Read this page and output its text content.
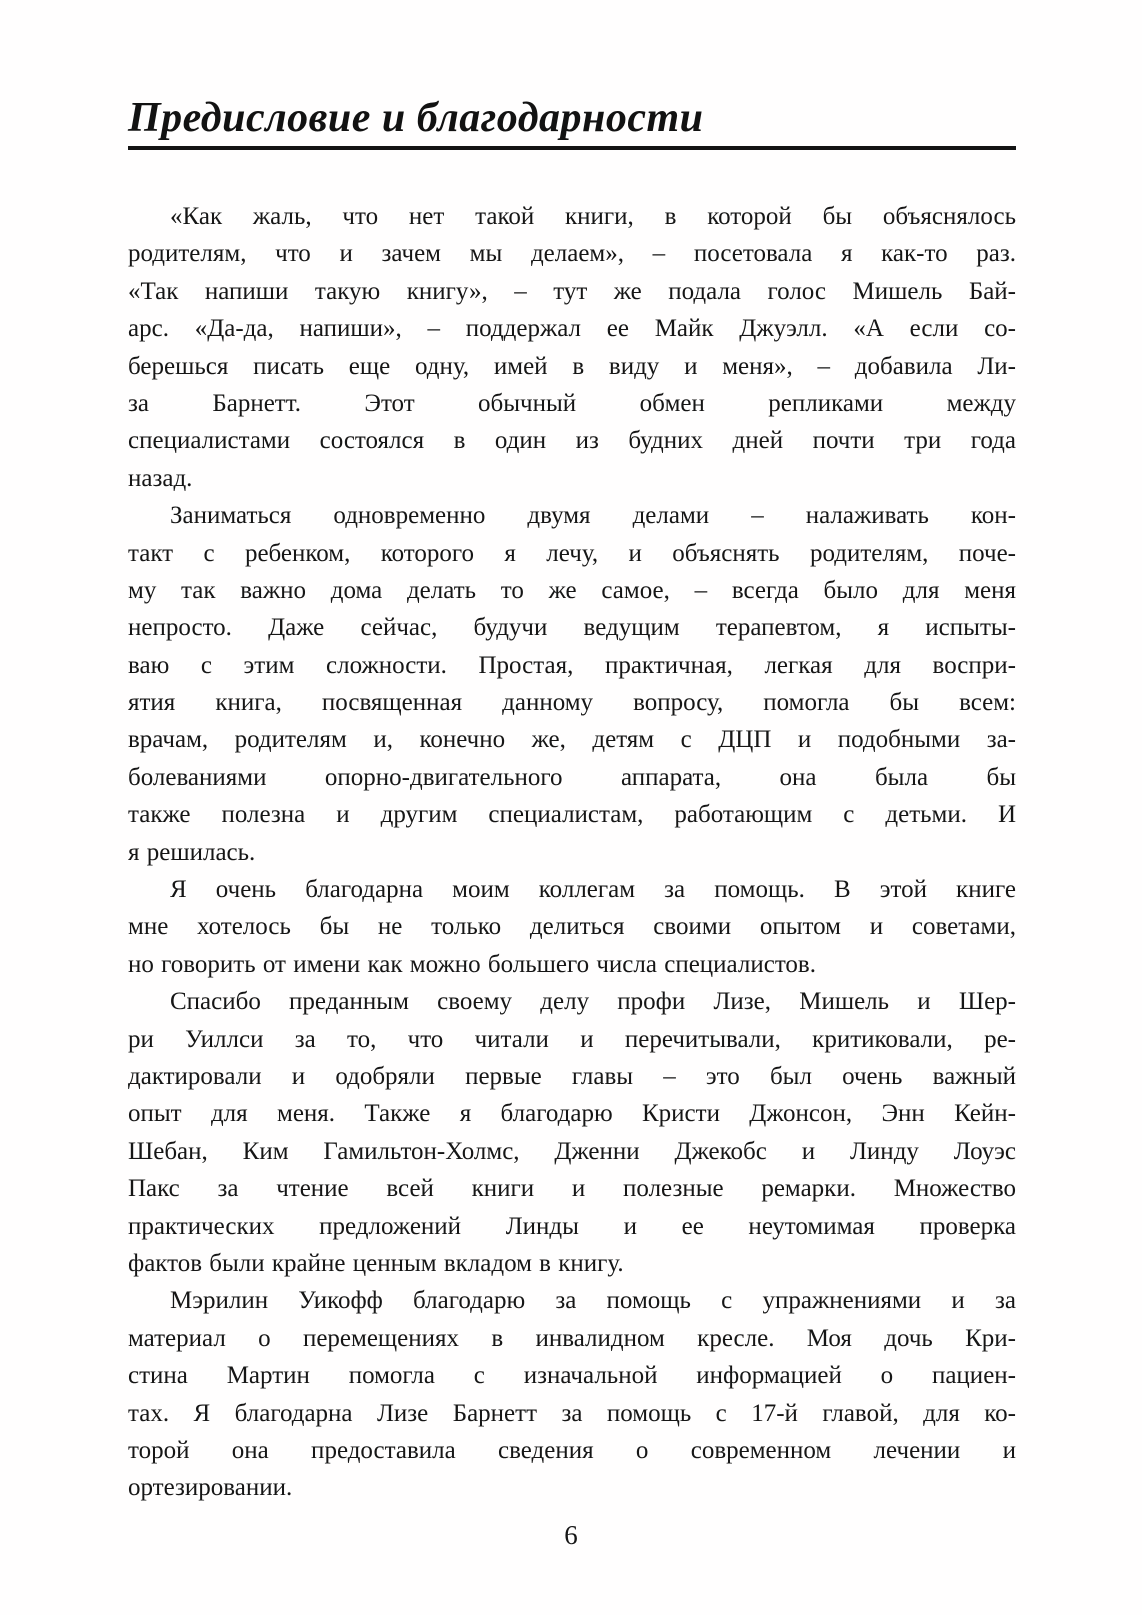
Предисловие и благодарности
«Как жаль, что нет такой книги, в которой бы объяснялось
родителям, что и зачем мы делаем», – посетовала я как-то раз.
«Так напиши такую книгу», – тут же подала голос Мишель Бай-
арс. «Да-да, напиши», – поддержал ее Майк Джуэлл. «А если со-
берешься писать еще одну, имей в виду и меня», – добавила Ли-
за Барнетт. Этот обычный обмен репликами между
специалистами состоялся в один из будних дней почти три года
назад.
Заниматься одновременно двумя делами – налаживать кон-
такт с ребенком, которого я лечу, и объяснять родителям, поче-
му так важно дома делать то же самое, – всегда было для меня
непросто. Даже сейчас, будучи ведущим терапевтом, я испыты-
ваю с этим сложности. Простая, практичная, легкая для воспри-
ятия книга, посвященная данному вопросу, помогла бы всем:
врачам, родителям и, конечно же, детям с ДЦП и подобными за-
болеваниями опорно-двигательного аппарата, она была бы
также полезна и другим специалистам, работающим с детьми. И
я решилась.
Я очень благодарна моим коллегам за помощь. В этой книге
мне хотелось бы не только делиться своими опытом и советами,
но говорить от имени как можно большего числа специалистов.
Спасибо преданным своему делу профи Лизе, Мишель и Шер-
ри Уиллси за то, что читали и перечитывали, критиковали, ре-
дактировали и одобряли первые главы – это был очень важный
опыт для меня. Также я благодарю Кристи Джонсон, Энн Кейн-
Шебан, Ким Гамильтон-Холмс, Дженни Джекобс и Линду Лоуэс
Пакс за чтение всей книги и полезные ремарки. Множество
практических предложений Линды и ее неутомимая проверка
фактов были крайне ценным вкладом в книгу.
Мэрилин Уикофф благодарю за помощь с упражнениями и за
материал о перемещениях в инвалидном кресле. Моя дочь Кри-
стина Мартин помогла с изначальной информацией о пациен-
тах. Я благодарна Лизе Барнетт за помощь с 17-й главой, для ко-
торой она предоставила сведения о современном лечении и
ортезировании.
6
